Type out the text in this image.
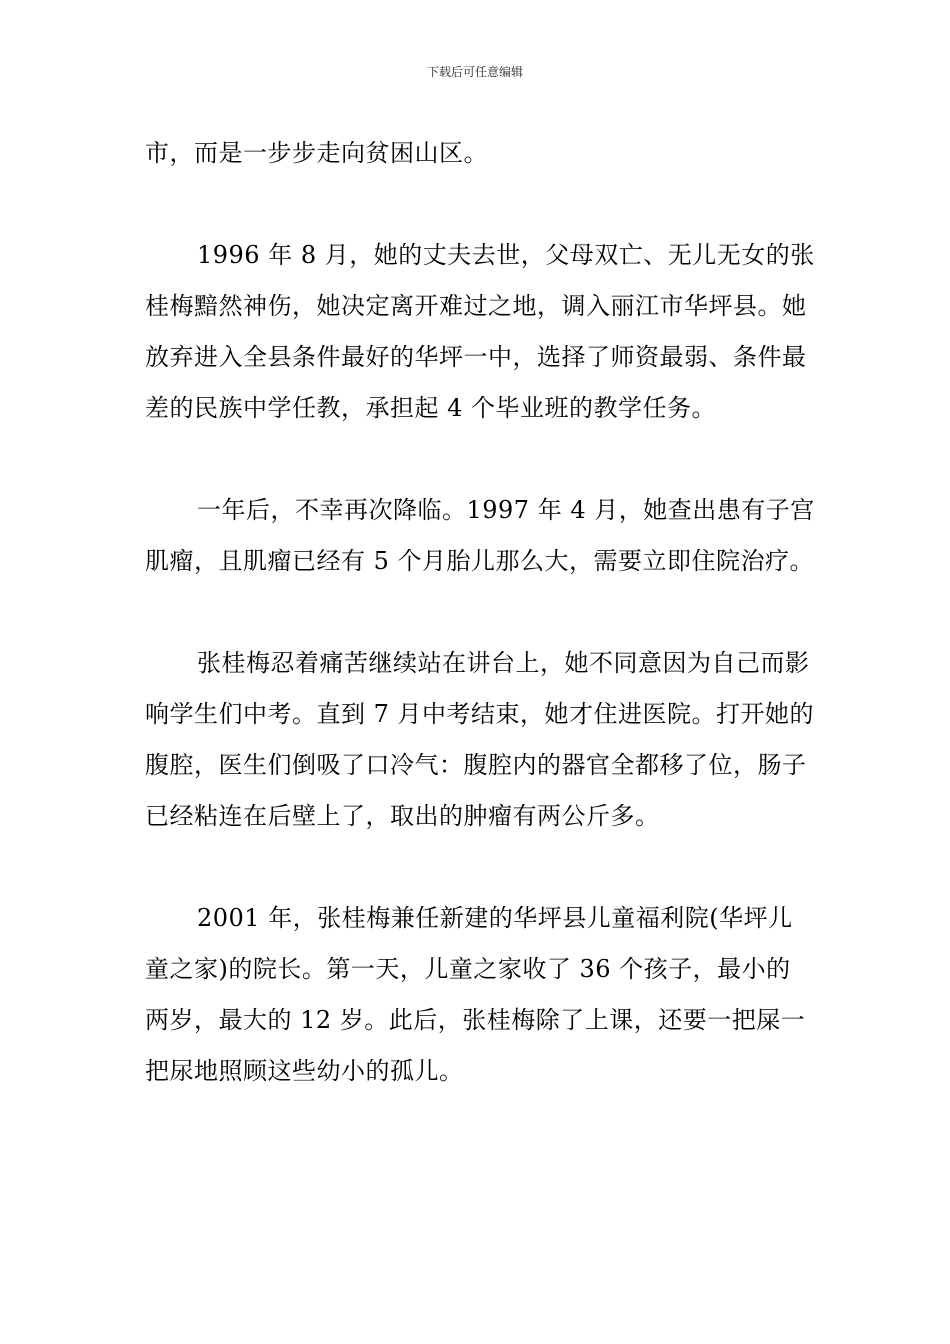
下载后可任意编辑

市，而是一步步走向贫困山区。

1996 年 8 月，她的丈夫去世，父母双亡、无儿无女的张桂梅黯然神伤，她决定离开难过之地，调入丽江市华坪县。她放弃进入全县条件最好的华坪一中，选择了师资最弱、条件最差的民族中学任教，承担起 4 个毕业班的教学任务。

一年后，不幸再次降临。1997 年 4 月，她查出患有子宫肌瘤，且肌瘤已经有 5 个月胎儿那么大，需要立即住院治疗。

张桂梅忍着痛苦继续站在讲台上，她不同意因为自己而影响学生们中考。直到 7 月中考结束，她才住进医院。打开她的腹腔，医生们倒吸了口冷气：腹腔内的器官全都移了位，肠子已经粘连在后壁上了，取出的肿瘤有两公斤多。

2001 年，张桂梅兼任新建的华坪县儿童福利院(华坪儿童之家)的院长。第一天，儿童之家收了 36 个孩子，最小的两岁，最大的 12 岁。此后，张桂梅除了上课，还要一把屎一把尿地照顾这些幼小的孤儿。
